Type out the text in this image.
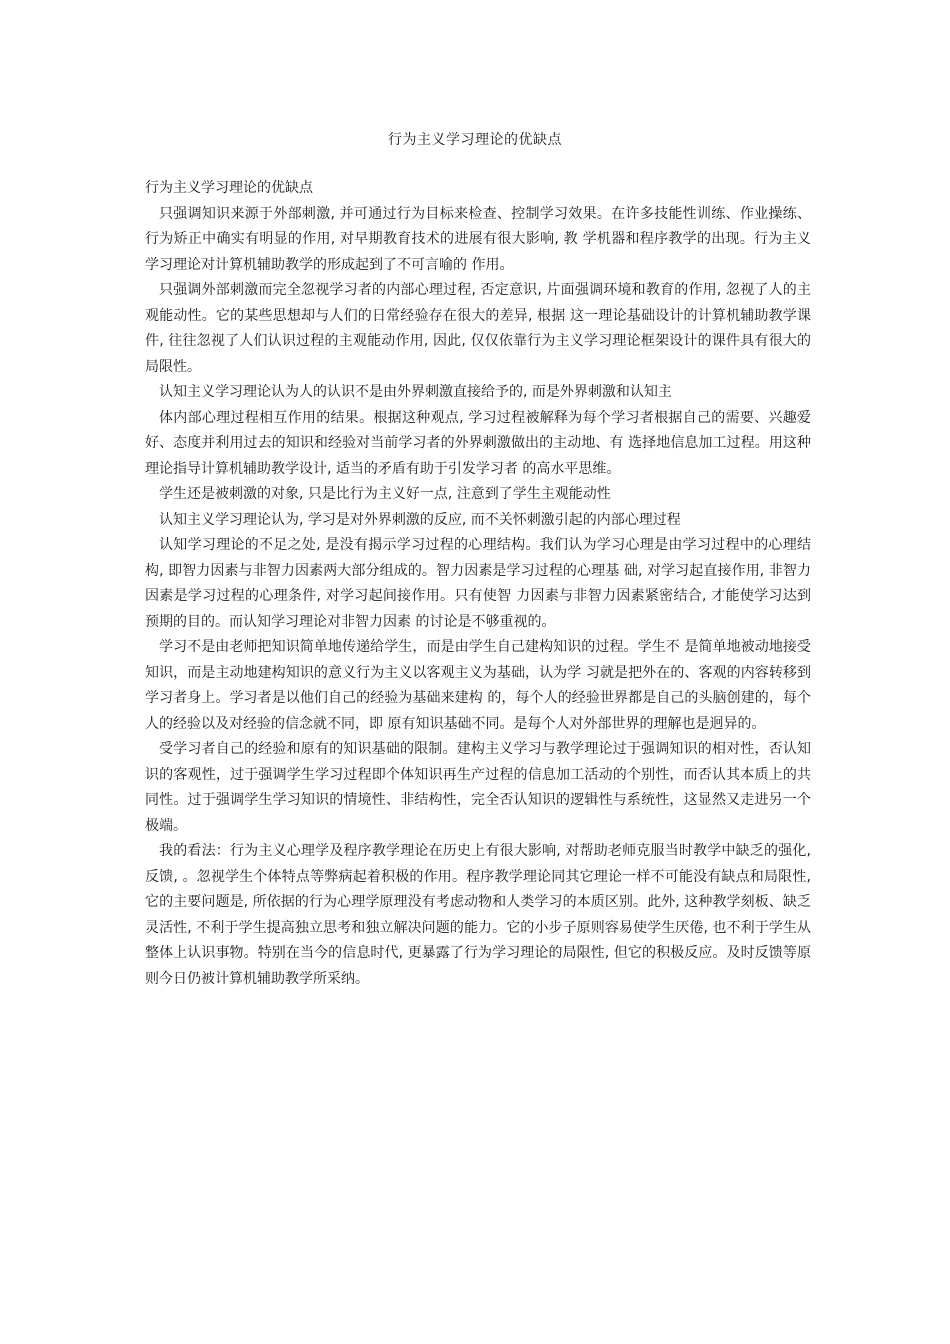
行为主义学习理论的优缺点

行为主义学习理论的优缺点

只强调知识来源于外部刺激, 并可通过行为目标来检查、控制学习效果。在许多技能性训练、作业操练、行为矫正中确实有明显的作用, 对早期教育技术的进展有很大影响, 教 学机器和程序教学的出现。行为主义学习理论对计算机辅助教学的形成起到了不可言喻的 作用。

只强调外部刺激而完全忽视学习者的内部心理过程, 否定意识, 片面强调环境和教育的作用, 忽视了人的主观能动性。它的某些思想却与人们的日常经验存在很大的差异, 根据 这一理论基础设计的计算机辅助教学课件, 往往忽视了人们认识过程的主观能动作用, 因此, 仅仅依靠行为主义学习理论框架设计的课件具有很大的局限性。

认知主义学习理论认为人的认识不是由外界刺激直接给予的, 而是外界刺激和认知主

体内部心理过程相互作用的结果。根据这种观点, 学习过程被解释为每个学习者根据自己的需要、兴趣爱好、态度并利用过去的知识和经验对当前学习者的外界刺激做出的主动地、有 选择地信息加工过程。用这种理论指导计算机辅助教学设计, 适当的矛盾有助于引发学习者 的高水平思维。

学生还是被刺激的对象, 只是比行为主义好一点, 注意到了学生主观能动性

认知主义学习理论认为, 学习是对外界刺激的反应, 而不关怀刺激引起的内部心理过程

认知学习理论的不足之处, 是没有揭示学习过程的心理结构。我们认为学习心理是由学习过程中的心理结构, 即智力因素与非智力因素两大部分组成的。智力因素是学习过程的心理基 础, 对学习起直接作用, 非智力因素是学习过程的心理条件, 对学习起间接作用。只有使智 力因素与非智力因素紧密结合, 才能使学习达到预期的目的。而认知学习理论对非智力因素 的讨论是不够重视的。

学习不是由老师把知识简单地传递给学生，而是由学生自己建构知识的过程。学生不 是简单地被动地接受知识，而是主动地建构知识的意义行为主义以客观主义为基础，认为学 习就是把外在的、客观的内容转移到学习者身上。学习者是以他们自己的经验为基础来建构 的，每个人的经验世界都是自己的头脑创建的，每个人的经验以及对经验的信念就不同，即 原有知识基础不同。是每个人对外部世界的理解也是迥异的。

受学习者自己的经验和原有的知识基础的限制。建构主义学习与教学理论过于强调知识的相对性，否认知识的客观性，过于强调学生学习过程即个体知识再生产过程的信息加工活动的个别性，而否认其本质上的共同性。过于强调学生学习知识的情境性、非结构性，完全否认知识的逻辑性与系统性，这显然又走进另一个极端。

我的看法：行为主义心理学及程序教学理论在历史上有很大影响, 对帮助老师克服当时教学中缺乏的强化, 反馈, 。忽视学生个体特点等弊病起着积极的作用。程序教学理论同其它理论一样不可能没有缺点和局限性, 它的主要问题是, 所依据的行为心理学原理没有考虑动物和人类学习的本质区别。此外, 这种教学刻板、缺乏灵活性, 不利于学生提高独立思考和独立解决问题的能力。它的小步子原则容易使学生厌倦, 也不利于学生从整体上认识事物。特别在当今的信息时代, 更暴露了行为学习理论的局限性, 但它的积极反应。及时反馈等原则今日仍被计算机辅助教学所采纳。
